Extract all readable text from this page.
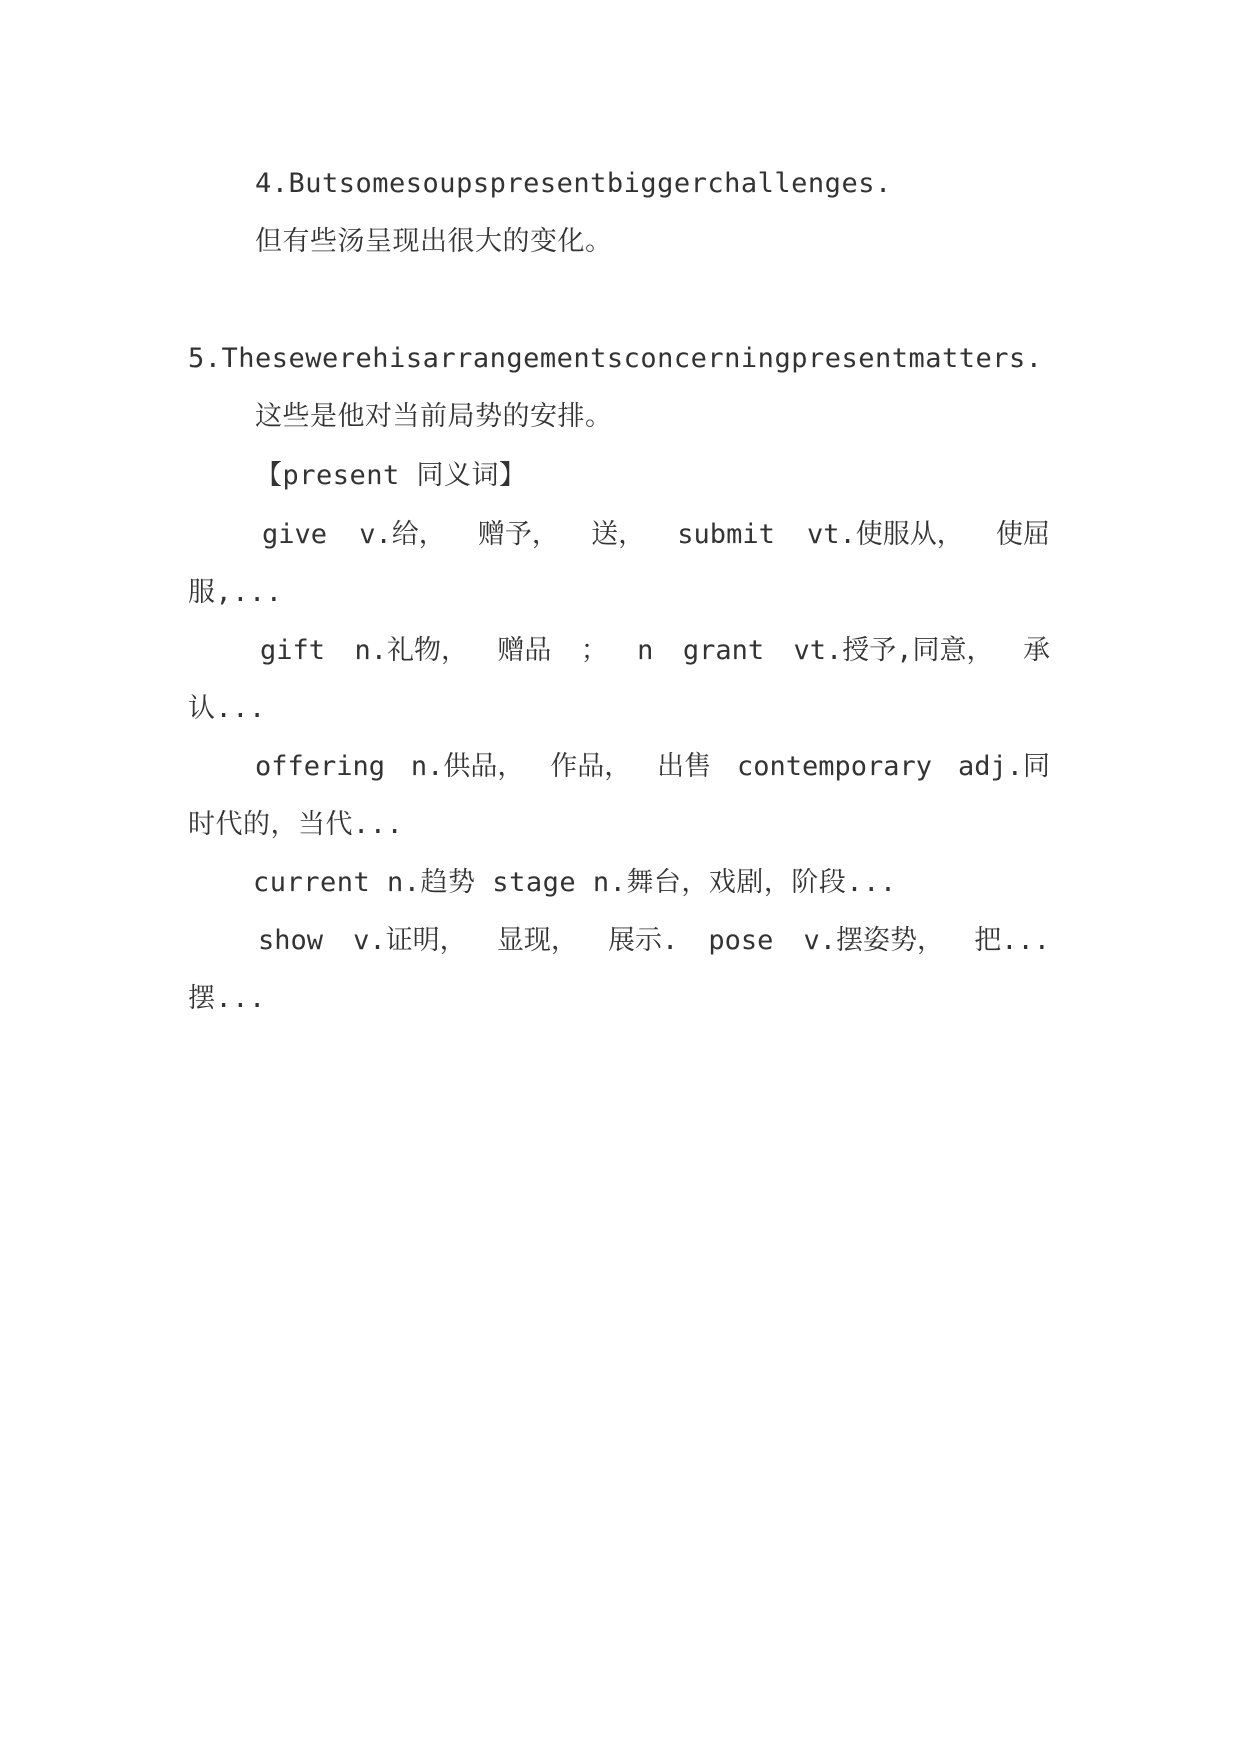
4.Butsomesoupspresentbiggerchallenges.
但有些汤呈现出很大的变化。
5.Thesewerehisarrangementsconcerningpresentmatters.
这些是他对当前局势的安排。
【present 同义词】
give v.给， 赠予， 送， submit vt.使服从， 使屈
服,...
gift n.礼物， 赠品 ； n grant vt.授予,同意， 承
认...
offering n.供品， 作品， 出售 contemporary adj.同
时代的，当代...
current n.趋势 stage n.舞台，戏剧，阶段...
show v.证明， 显现， 展示. pose v.摆姿势， 把...
摆...
